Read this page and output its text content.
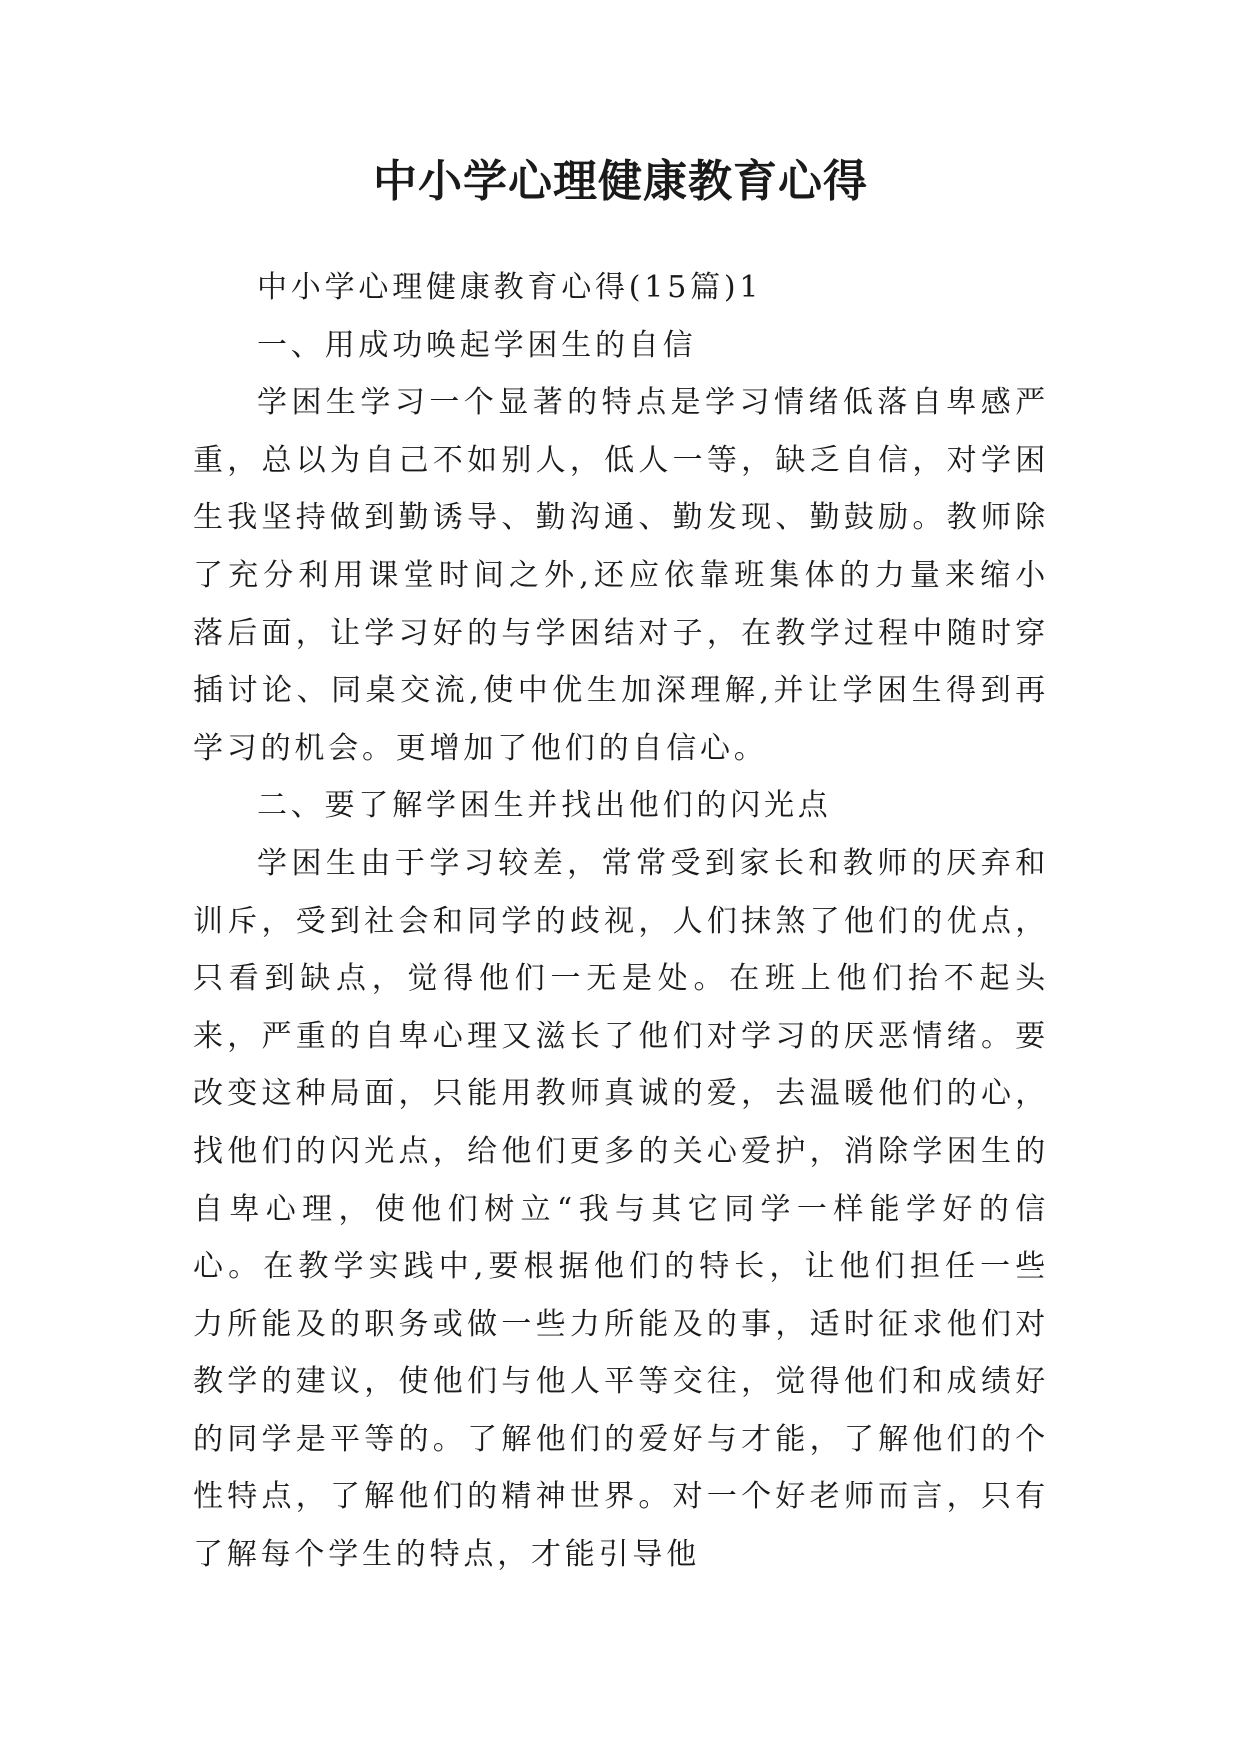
中小学心理健康教育心得

中小学心理健康教育心得(15篇)1

一、用成功唤起学困生的自信

学困生学习一个显著的特点是学习情绪低落自卑感严重，总以为自己不如别人，低人一等，缺乏自信，对学困生我坚持做到勤诱导、勤沟通、勤发现、勤鼓励。教师除了充分利用课堂时间之外,还应依靠班集体的力量来缩小落后面，让学习好的与学困结对子，在教学过程中随时穿插讨论、同桌交流,使中优生加深理解,并让学困生得到再学习的机会。更增加了他们的自信心。

二、要了解学困生并找出他们的闪光点

学困生由于学习较差，常常受到家长和教师的厌弃和训斥，受到社会和同学的歧视，人们抹煞了他们的优点，只看到缺点，觉得他们一无是处。在班上他们抬不起头来，严重的自卑心理又滋长了他们对学习的厌恶情绪。要改变这种局面，只能用教师真诚的爱，去温暖他们的心，找他们的闪光点，给他们更多的关心爱护，消除学困生的自卑心理，使他们树立“我与其它同学一样能学好的信心。在教学实践中,要根据他们的特长，让他们担任一些力所能及的职务或做一些力所能及的事，适时征求他们对教学的建议，使他们与他人平等交往，觉得他们和成绩好的同学是平等的。了解他们的爱好与才能，了解他们的个性特点，了解他们的精神世界。对一个好老师而言，只有了解每个学生的特点，才能引导他
